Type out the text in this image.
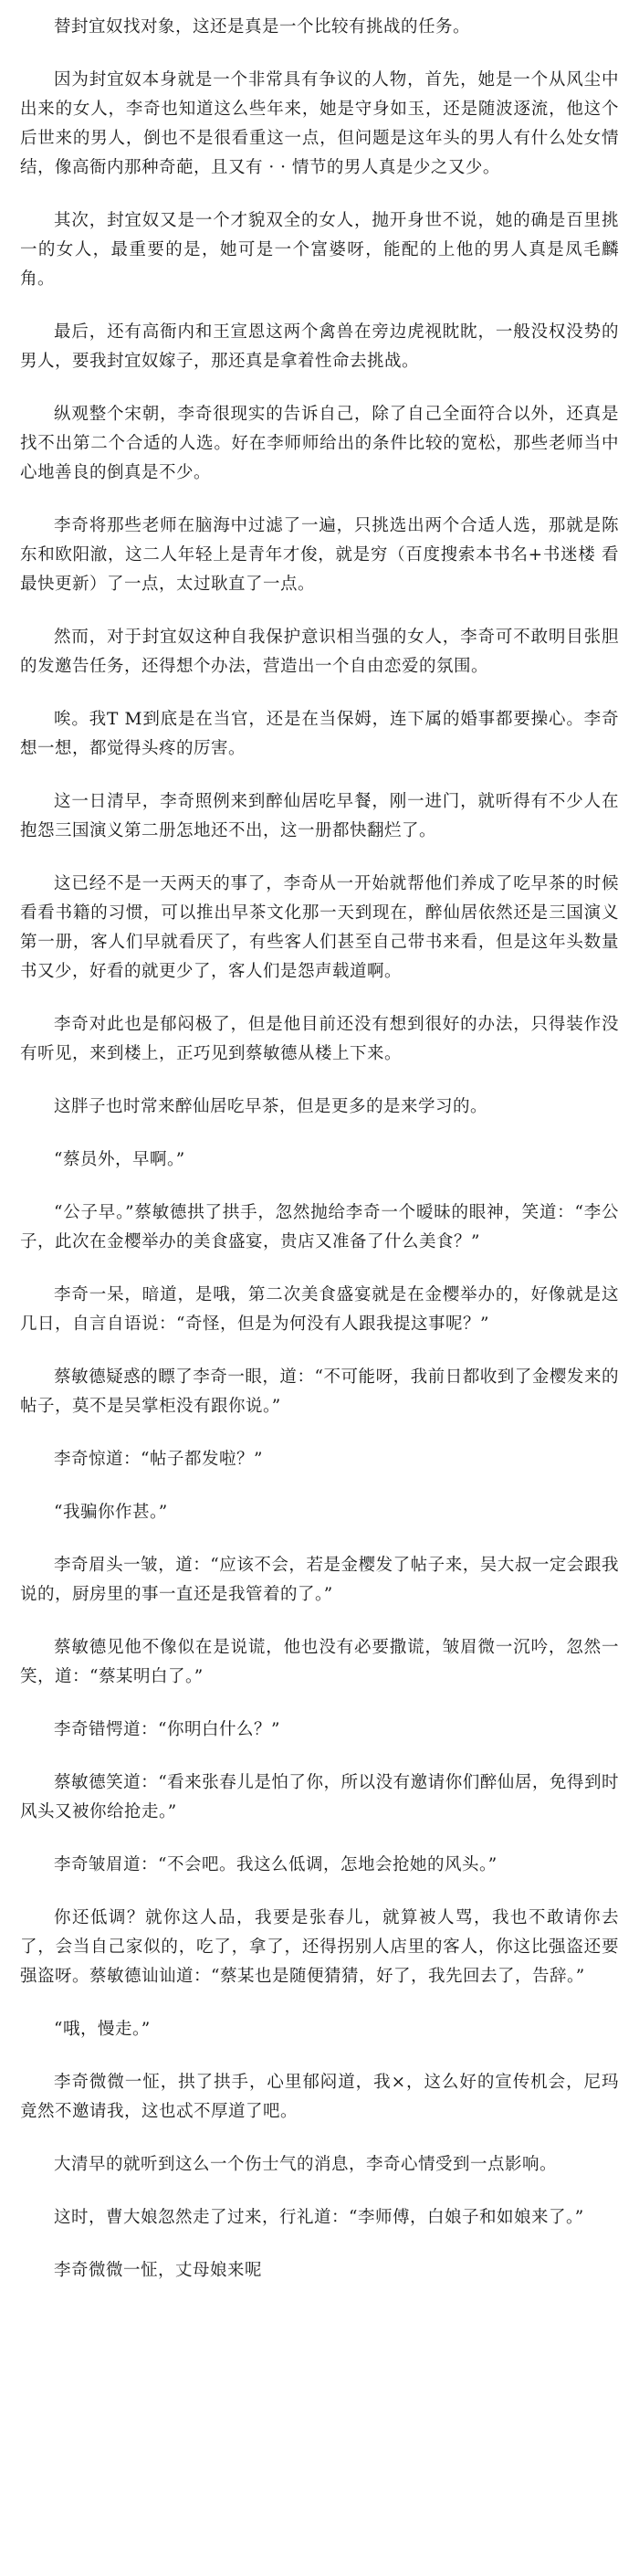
替封宜奴找对象，这还是真是一个比较有挑战的任务。

因为封宜奴本身就是一个非常具有争议的人物，首先，她是一个从风尘中出来的女人，李奇也知道这么些年来，她是守身如玉，还是随波逐流，他这个后世来的男人，倒也不是很看重这一点，但问题是这年头的男人有什么处女情结，像高衙内那种奇葩，且又有 · · 情节的男人真是少之又少。

其次，封宜奴又是一个才貌双全的女人，抛开身世不说，她的确是百里挑一的女人，最重要的是，她可是一个富婆呀，能配的上他的男人真是凤毛麟角。

最后，还有高衙内和王宣恩这两个禽兽在旁边虎视眈眈，一般没权没势的男人，要我封宜奴嫁子，那还真是拿着性命去挑战。

纵观整个宋朝，李奇很现实的告诉自己，除了自己全面符合以外，还真是找不出第二个合适的人选。好在李师师给出的条件比较的宽松，那些老师当中心地善良的倒真是不少。

李奇将那些老师在脑海中过滤了一遍，只挑选出两个合适人选，那就是陈东和欧阳澈，这二人年轻上是青年才俊，就是穷（百度搜索本书名+书迷楼 看最快更新）了一点，太过耿直了一点。

然而，对于封宜奴这种自我保护意识相当强的女人，李奇可不敢明目张胆的发邀告任务，还得想个办法，营造出一个自由恋爱的氛围。

唉。我T M到底是在当官，还是在当保姆，连下属的婚事都要操心。李奇想一想，都觉得头疼的厉害。

这一日清早，李奇照例来到醉仙居吃早餐，刚一进门，就听得有不少人在抱怨三国演义第二册怎地还不出，这一册都快翻烂了。

这已经不是一天两天的事了，李奇从一开始就帮他们养成了吃早茶的时候看看书籍的习惯，可以推出早茶文化那一天到现在，醉仙居依然还是三国演义第一册，客人们早就看厌了，有些客人们甚至自己带书来看，但是这年头数量书又少，好看的就更少了，客人们是怨声载道啊。

李奇对此也是郁闷极了，但是他目前还没有想到很好的办法，只得装作没有听见，来到楼上，正巧见到蔡敏德从楼上下来。

这胖子也时常来醉仙居吃早茶，但是更多的是来学习的。

“蔡员外，早啊。”

“公子早。”蔡敏德拱了拱手，忽然抛给李奇一个暧昧的眼神，笑道：“李公子，此次在金樱举办的美食盛宴，贵店又准备了什么美食？”

李奇一呆，暗道，是哦，第二次美食盛宴就是在金樱举办的，好像就是这几日，自言自语说：“奇怪，但是为何没有人跟我提这事呢？”

蔡敏德疑惑的瞟了李奇一眼，道：“不可能呀，我前日都收到了金樱发来的帖子，莫不是吴掌柜没有跟你说。”

李奇惊道：“帖子都发啦？”

“我骗你作甚。”

李奇眉头一皱，道：“应该不会，若是金樱发了帖子来，吴大叔一定会跟我说的，厨房里的事一直还是我管着的了。”

蔡敏德见他不像似在是说谎，他也没有必要撒谎，皱眉微一沉吟，忽然一笑，道：“蔡某明白了。”

李奇错愕道：“你明白什么？”

蔡敏德笑道：“看来张春儿是怕了你，所以没有邀请你们醉仙居，免得到时风头又被你给抢走。”

李奇皱眉道：“不会吧。我这么低调，怎地会抢她的风头。”

你还低调？就你这人品，我要是张春儿，就算被人骂，我也不敢请你去了，会当自己家似的，吃了，拿了，还得拐别人店里的客人，你这比强盗还要强盗呀。蔡敏德讪讪道：“蔡某也是随便猜猜，好了，我先回去了，告辞。”

“哦，慢走。”

李奇微微一怔，拱了拱手，心里郁闷道，我×，这么好的宣传机会，尼玛竟然不邀请我，这也忒不厚道了吧。

大清早的就听到这么一个伤士气的消息，李奇心情受到一点影响。

这时，曹大娘忽然走了过来，行礼道：“李师傅，白娘子和如娘来了。”

李奇微微一怔，丈母娘来呢
